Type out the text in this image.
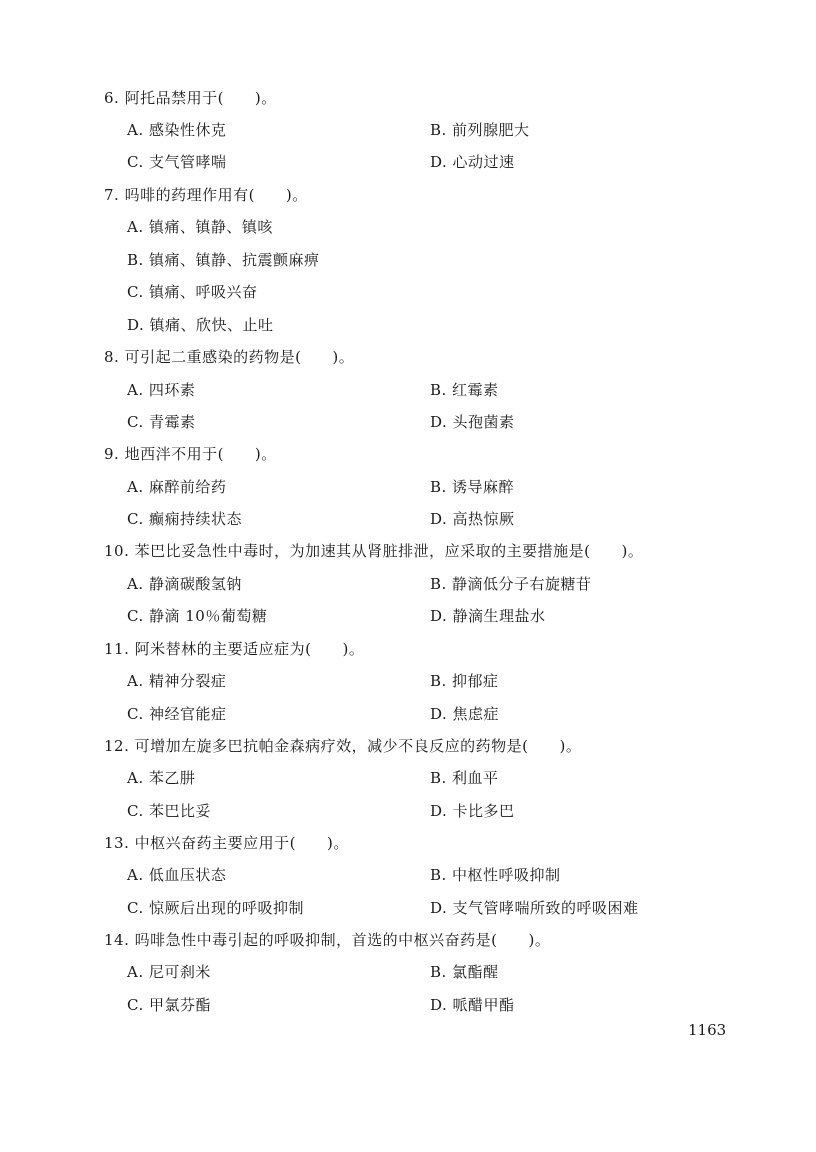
6. 阿托品禁用于(　　)。
A. 感染性休克	B. 前列腺肥大
C. 支气管哮喘	D. 心动过速
7. 吗啡的药理作用有(　　)。
A. 镇痛、镇静、镇咳
B. 镇痛、镇静、抗震颤麻痹
C. 镇痛、呼吸兴奋
D. 镇痛、欣快、止吐
8. 可引起二重感染的药物是(　　)。
A. 四环素	B. 红霉素
C. 青霉素	D. 头孢菌素
9. 地西泮不用于(　　)。
A. 麻醉前给药	B. 诱导麻醉
C. 癫痫持续状态	D. 高热惊厥
10. 苯巴比妥急性中毒时，为加速其从肾脏排泄，应采取的主要措施是(　　)。
A. 静滴碳酸氢钠	B. 静滴低分子右旋糖苷
C. 静滴 10％葡萄糖	D. 静滴生理盐水
11. 阿米替林的主要适应症为(　　)。
A. 精神分裂症	B. 抑郁症
C. 神经官能症	D. 焦虑症
12. 可增加左旋多巴抗帕金森病疗效，减少不良反应的药物是(　　)。
A. 苯乙肼	B. 利血平
C. 苯巴比妥	D. 卡比多巴
13. 中枢兴奋药主要应用于(　　)。
A. 低血压状态	B. 中枢性呼吸抑制
C. 惊厥后出现的呼吸抑制	D. 支气管哮喘所致的呼吸困难
14. 吗啡急性中毒引起的呼吸抑制，首选的中枢兴奋药是(　　)。
A. 尼可刹米	B. 氯酯醒
C. 甲氯芬酯	D. 哌醋甲酯
1163
